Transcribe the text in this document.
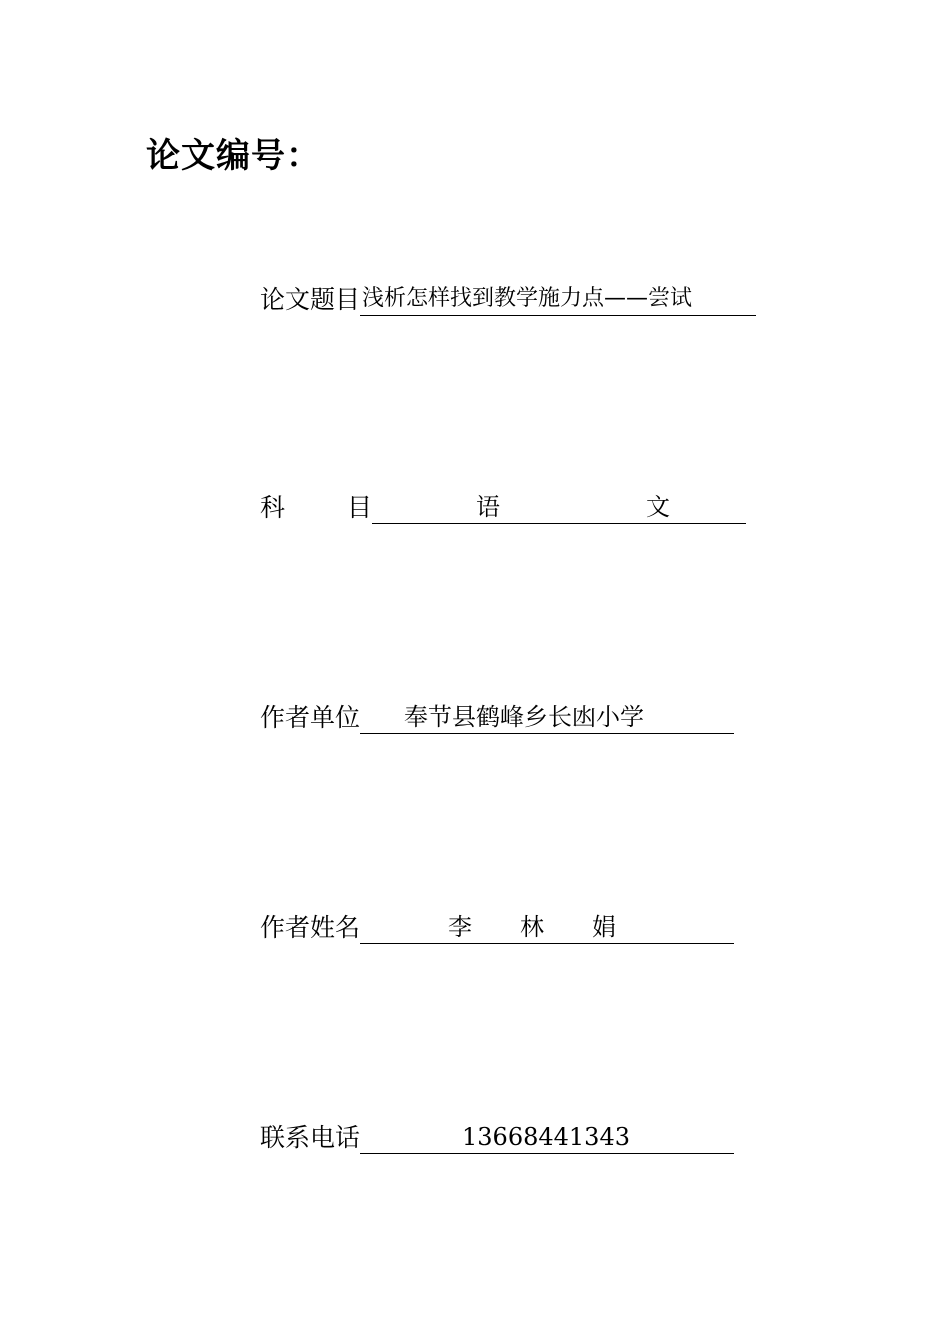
论文编号：
论文题目 浅析怎样找到教学施力点——尝试
科 目	语	文
作者单位 奉节县鹤峰乡长凼小学
作者姓名	李 林 娟
联系电话	13668441343
